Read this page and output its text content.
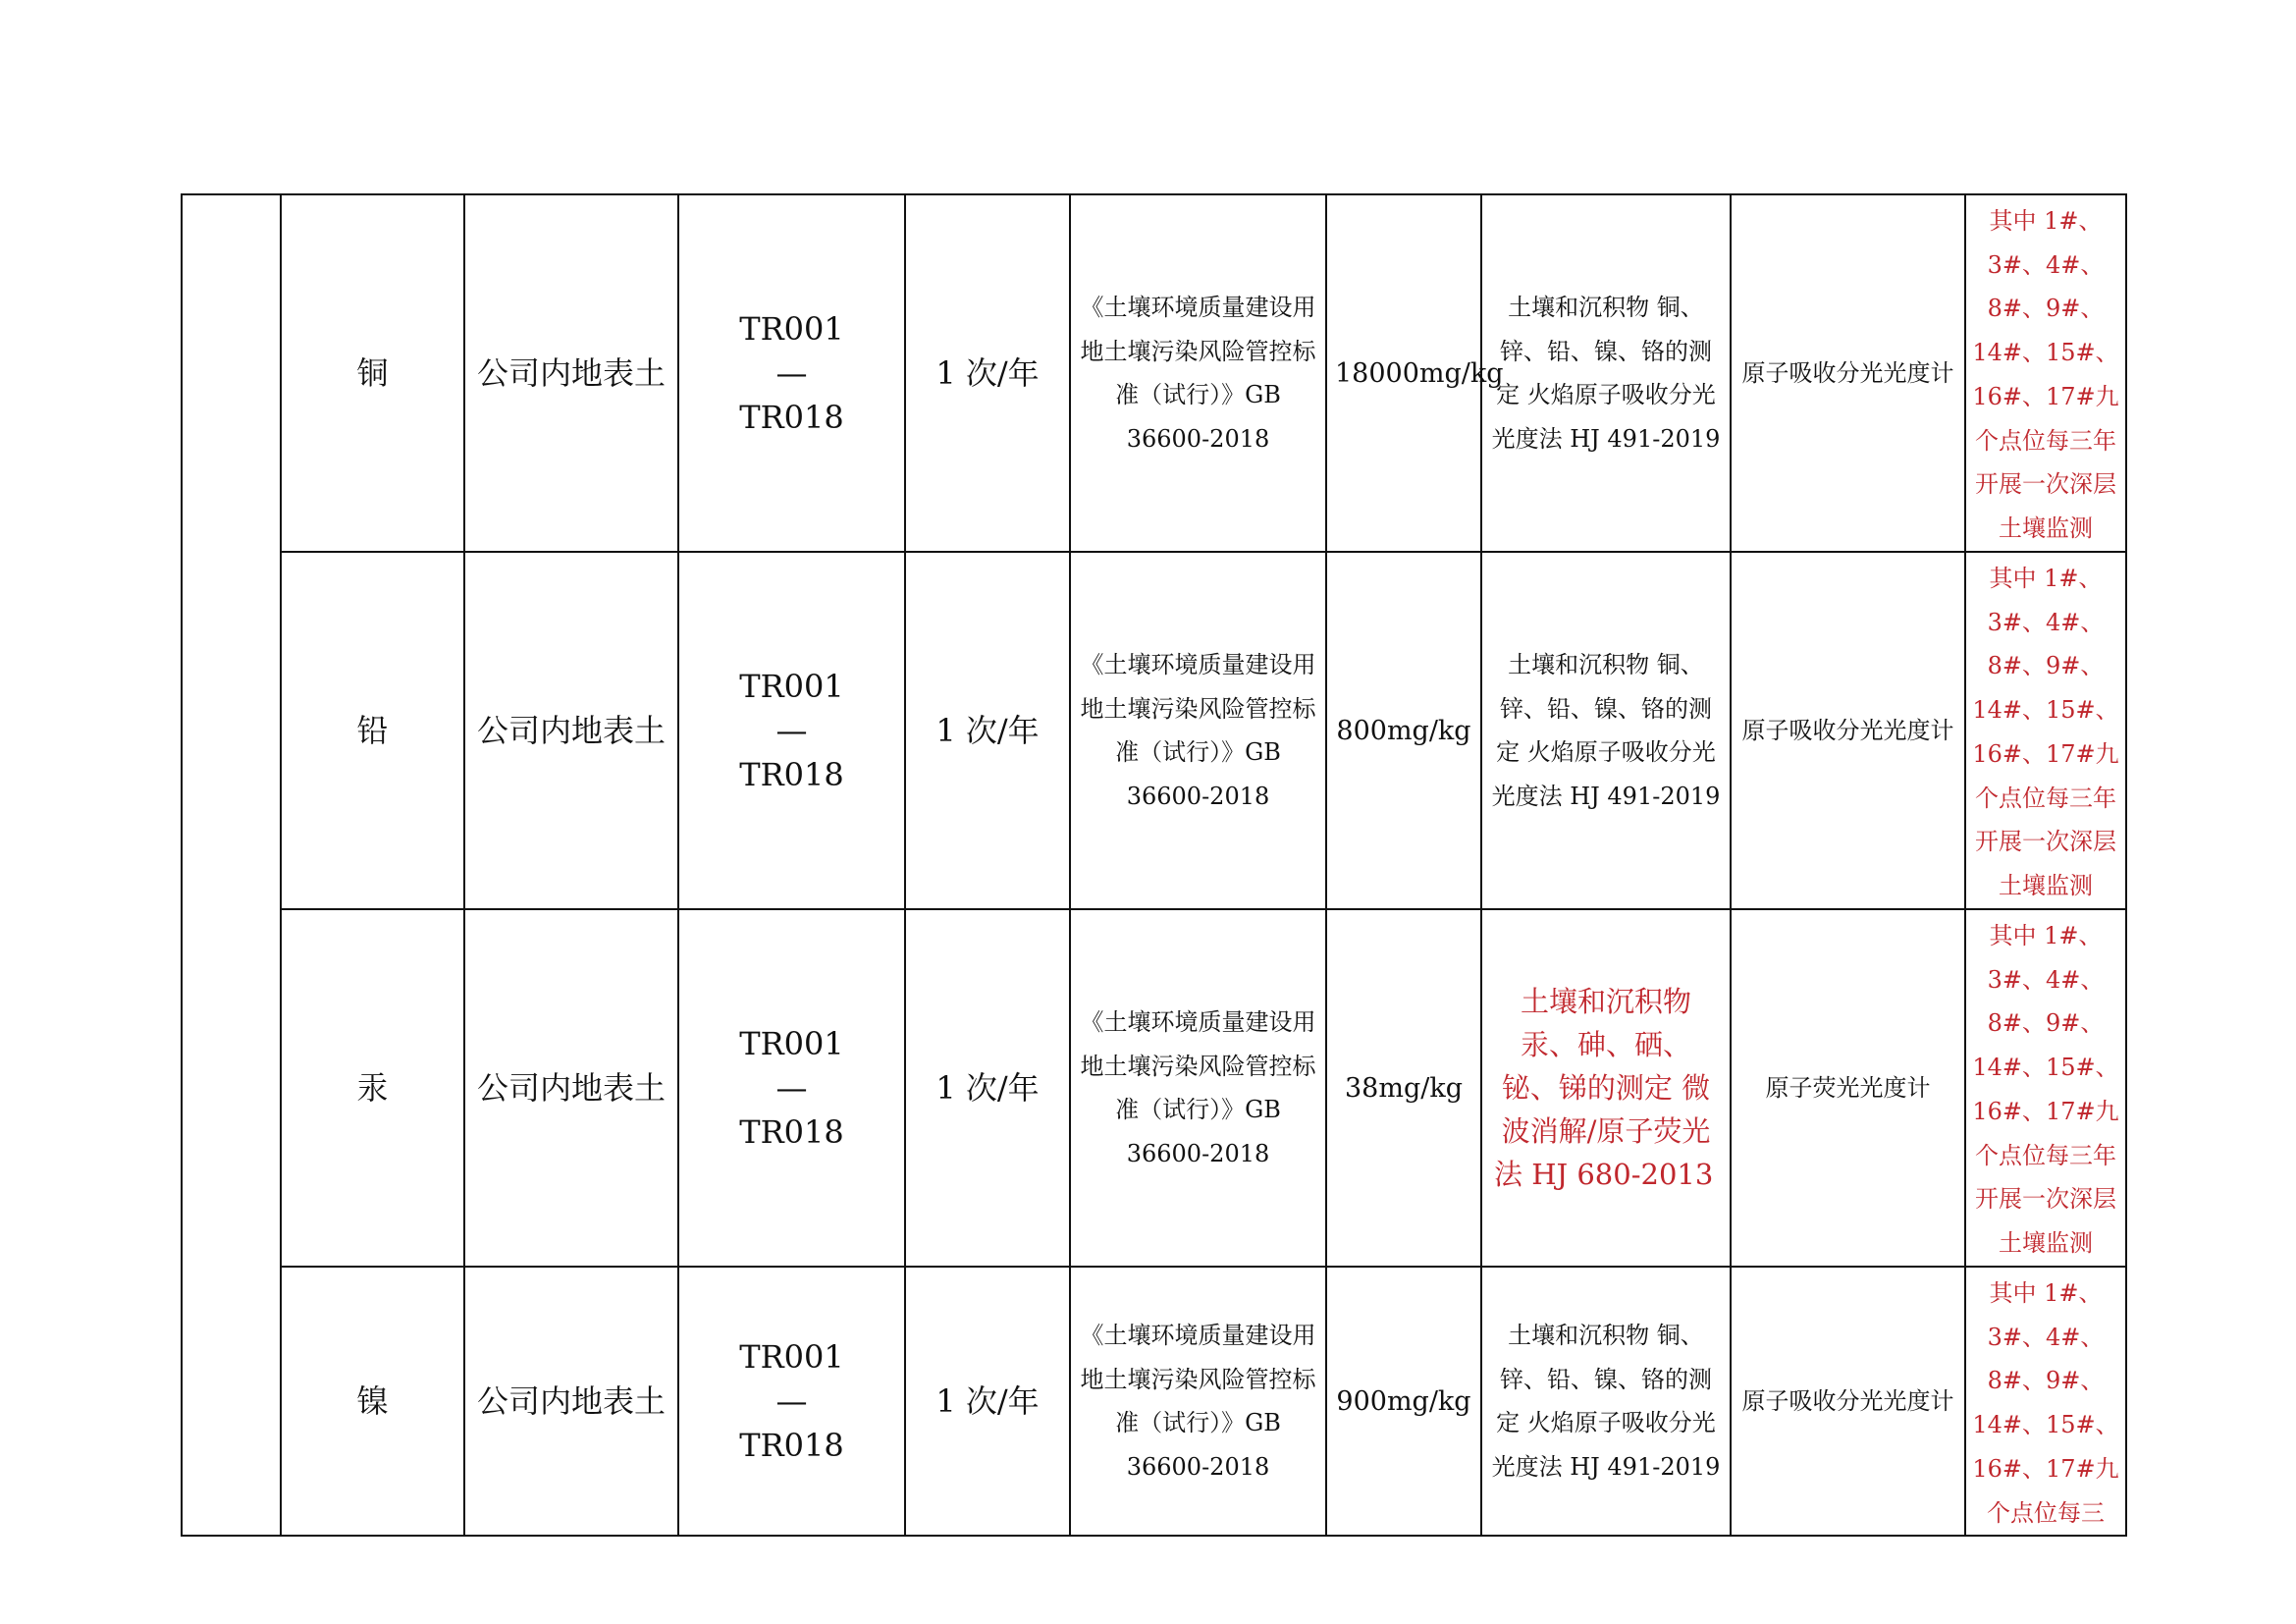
	铜	公司内地表土	TR001
—
TR018	1 次/年	《土壤环境质量建设用地土壤污染风险管控标准（试行）》GB 36600-2018	18000mg/kg	土壤和沉积物 铜、锌、铅、镍、铬的测定 火焰原子吸收分光光度法 HJ 491-2019	原子吸收分光光度计	其中 1#、3#、4#、8#、9#、14#、15#、16#、17#九个点位每三年开展一次深层土壤监测
	铅	公司内地表土	TR001
—
TR018	1 次/年	《土壤环境质量建设用地土壤污染风险管控标准（试行）》GB 36600-2018	800mg/kg	土壤和沉积物 铜、锌、铅、镍、铬的测定 火焰原子吸收分光光度法 HJ 491-2019	原子吸收分光光度计	其中 1#、3#、4#、8#、9#、14#、15#、16#、17#九个点位每三年开展一次深层土壤监测
	汞	公司内地表土	TR001
—
TR018	1 次/年	《土壤环境质量建设用地土壤污染风险管控标准（试行）》GB 36600-2018	38mg/kg	土壤和沉积物 汞、砷、硒、铋、锑的测定 微波消解/原子荧光法 HJ 680-2013	原子荧光光度计	其中 1#、3#、4#、8#、9#、14#、15#、16#、17#九个点位每三年开展一次深层土壤监测
	镍	公司内地表土	TR001
—
TR018	1 次/年	《土壤环境质量建设用地土壤污染风险管控标准（试行）》GB 36600-2018	900mg/kg	土壤和沉积物 铜、锌、铅、镍、铬的测定 火焰原子吸收分光光度法 HJ 491-2019	原子吸收分光光度计	其中 1#、3#、4#、8#、9#、14#、15#、16#、17#九个点位每三
